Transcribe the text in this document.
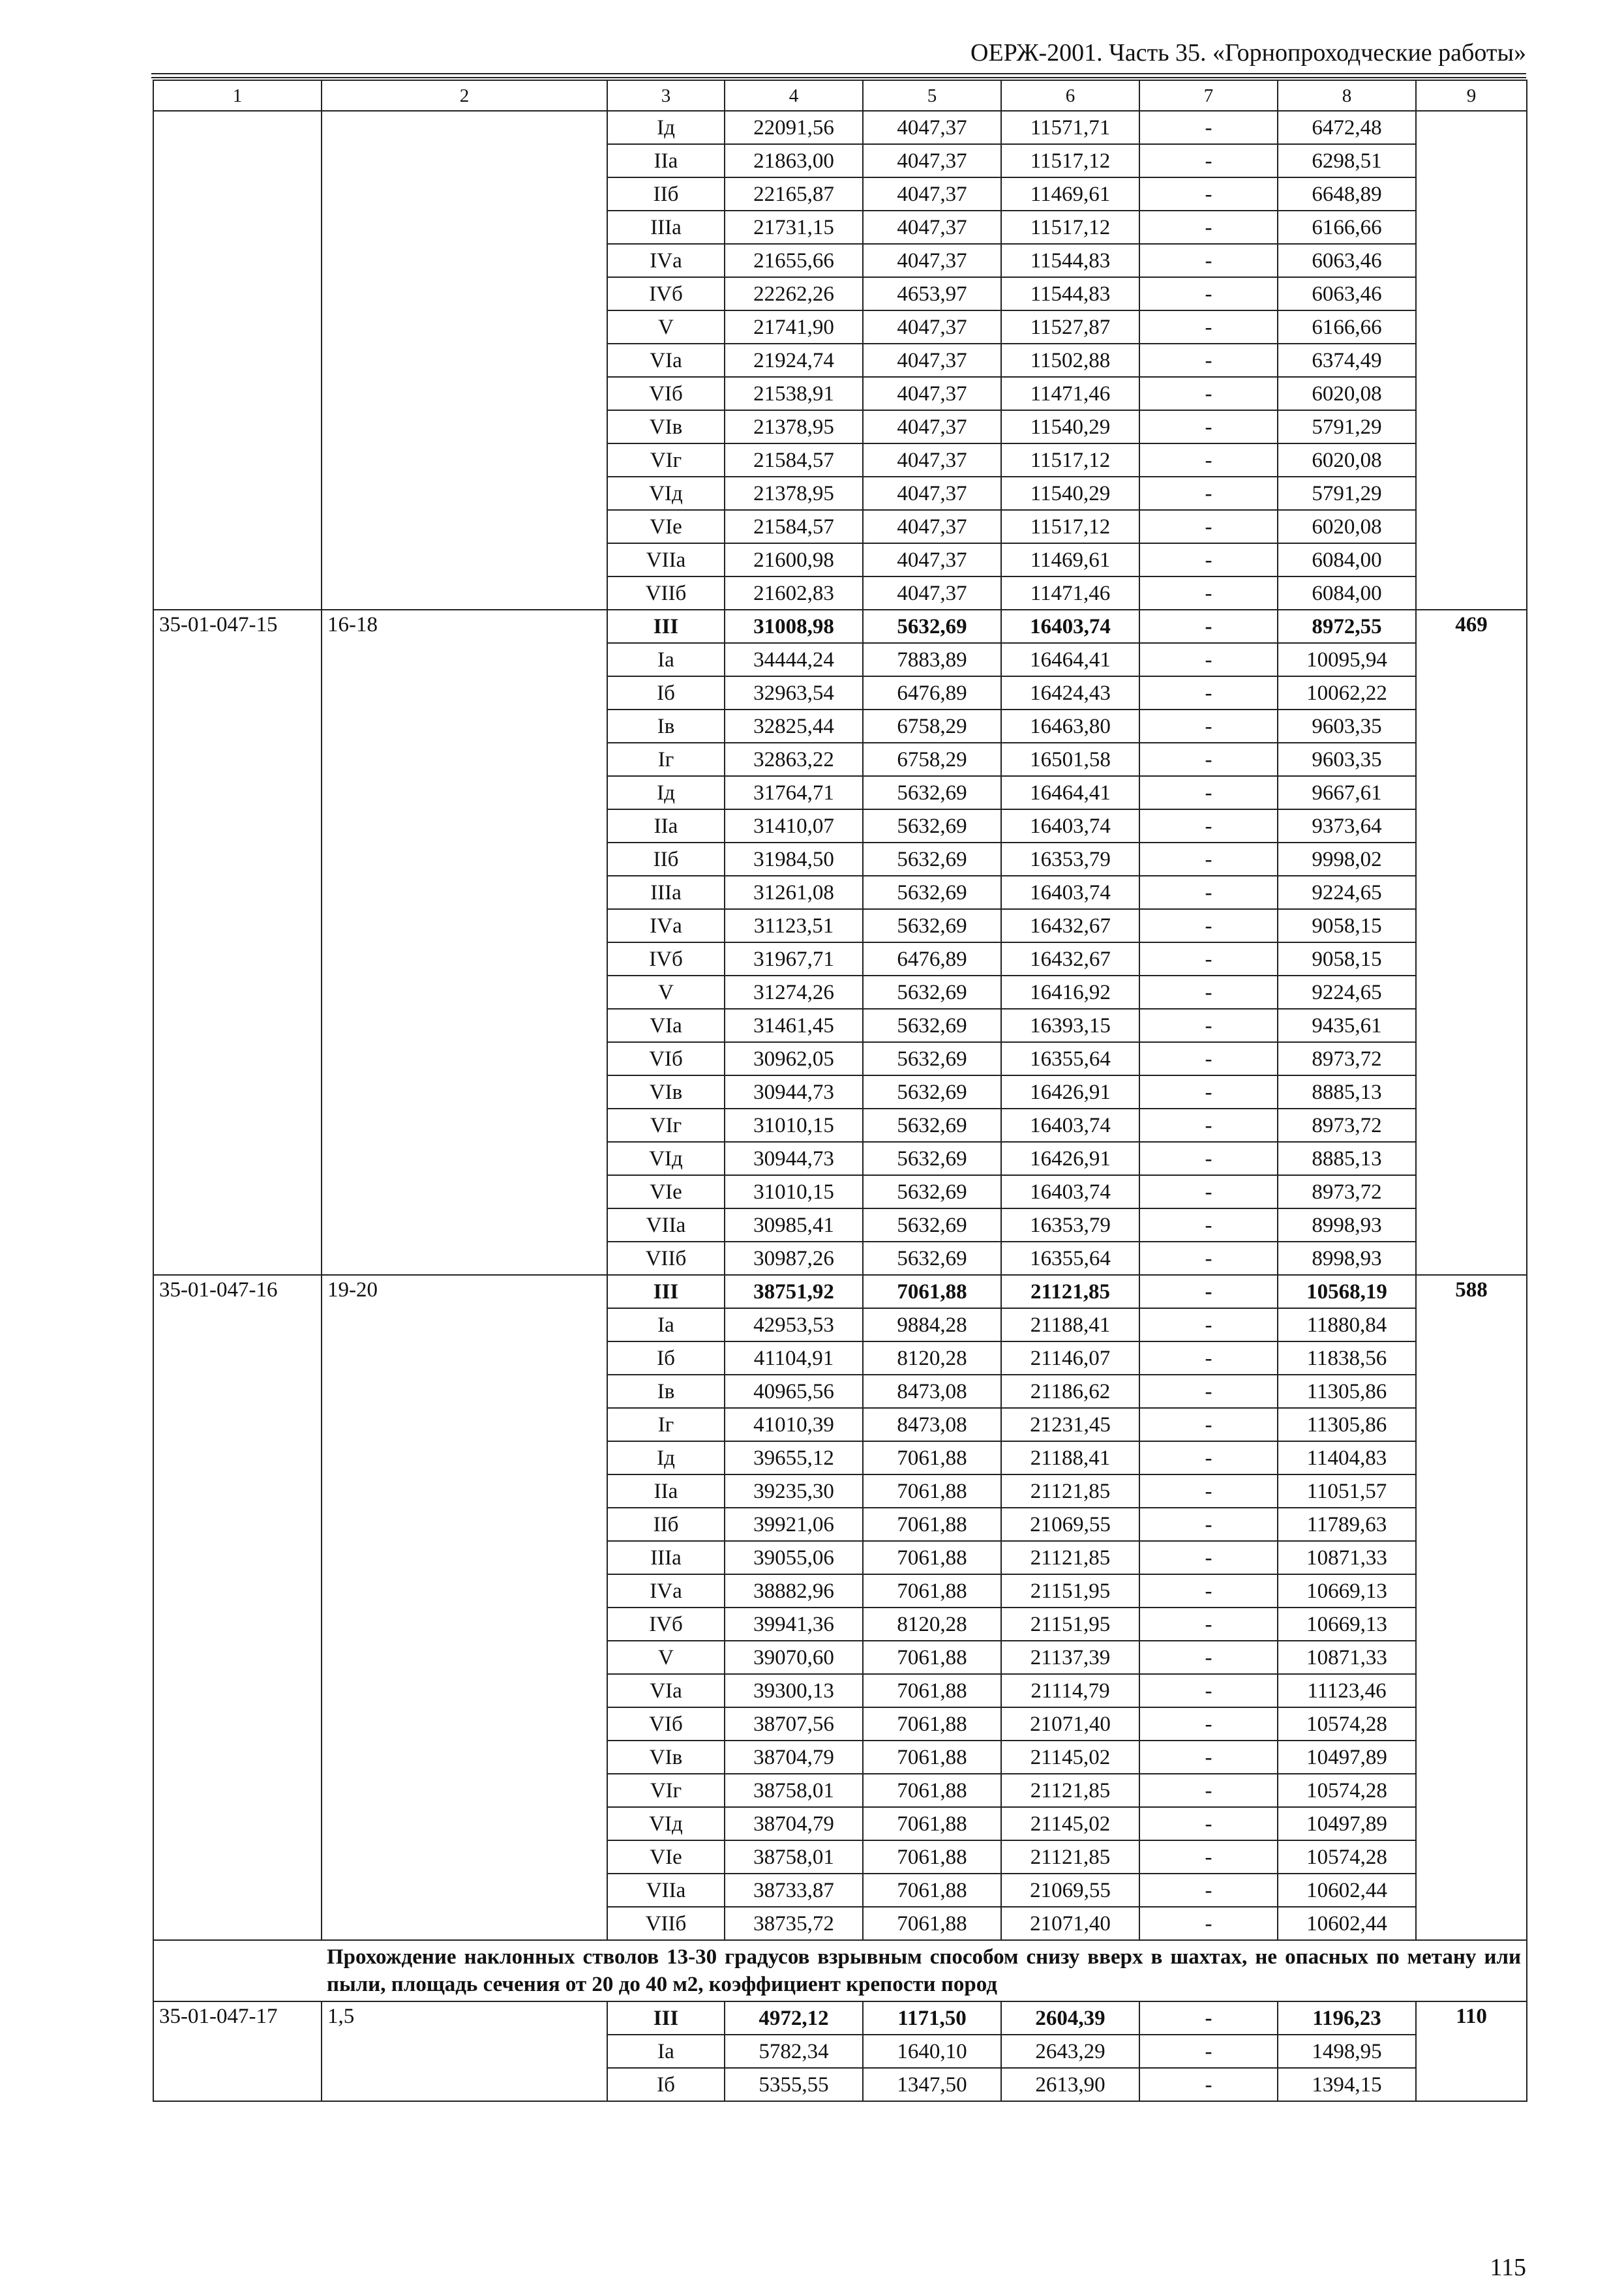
ОЕРЖ-2001. Часть 35. «Горнопроходческие работы»
1	2	3	4	5	6	7	8	9
		Iд	22091,56	4047,37	11571,71	-	6472,48	
		IIа	21863,00	4047,37	11517,12	-	6298,51	
		IIб	22165,87	4047,37	11469,61	-	6648,89	
		IIIа	21731,15	4047,37	11517,12	-	6166,66	
		IVа	21655,66	4047,37	11544,83	-	6063,46	
		IVб	22262,26	4653,97	11544,83	-	6063,46	
		V	21741,90	4047,37	11527,87	-	6166,66	
		VIа	21924,74	4047,37	11502,88	-	6374,49	
		VIб	21538,91	4047,37	11471,46	-	6020,08	
		VIв	21378,95	4047,37	11540,29	-	5791,29	
		VIг	21584,57	4047,37	11517,12	-	6020,08	
		VIд	21378,95	4047,37	11540,29	-	5791,29	
		VIе	21584,57	4047,37	11517,12	-	6020,08	
		VIIа	21600,98	4047,37	11469,61	-	6084,00	
		VIIб	21602,83	4047,37	11471,46	-	6084,00	
35-01-047-15	16-18	III	31008,98	5632,69	16403,74	-	8972,55	469
		Iа	34444,24	7883,89	16464,41	-	10095,94	
		Iб	32963,54	6476,89	16424,43	-	10062,22	
		Iв	32825,44	6758,29	16463,80	-	9603,35	
		Iг	32863,22	6758,29	16501,58	-	9603,35	
		Iд	31764,71	5632,69	16464,41	-	9667,61	
		IIа	31410,07	5632,69	16403,74	-	9373,64	
		IIб	31984,50	5632,69	16353,79	-	9998,02	
		IIIа	31261,08	5632,69	16403,74	-	9224,65	
		IVа	31123,51	5632,69	16432,67	-	9058,15	
		IVб	31967,71	6476,89	16432,67	-	9058,15	
		V	31274,26	5632,69	16416,92	-	9224,65	
		VIа	31461,45	5632,69	16393,15	-	9435,61	
		VIб	30962,05	5632,69	16355,64	-	8973,72	
		VIв	30944,73	5632,69	16426,91	-	8885,13	
		VIг	31010,15	5632,69	16403,74	-	8973,72	
		VIд	30944,73	5632,69	16426,91	-	8885,13	
		VIе	31010,15	5632,69	16403,74	-	8973,72	
		VIIа	30985,41	5632,69	16353,79	-	8998,93	
		VIIб	30987,26	5632,69	16355,64	-	8998,93	
35-01-047-16	19-20	III	38751,92	7061,88	21121,85	-	10568,19	588
		Iа	42953,53	9884,28	21188,41	-	11880,84	
		Iб	41104,91	8120,28	21146,07	-	11838,56	
		Iв	40965,56	8473,08	21186,62	-	11305,86	
		Iг	41010,39	8473,08	21231,45	-	11305,86	
		Iд	39655,12	7061,88	21188,41	-	11404,83	
		IIа	39235,30	7061,88	21121,85	-	11051,57	
		IIб	39921,06	7061,88	21069,55	-	11789,63	
		IIIа	39055,06	7061,88	21121,85	-	10871,33	
		IVа	38882,96	7061,88	21151,95	-	10669,13	
		IVб	39941,36	8120,28	21151,95	-	10669,13	
		V	39070,60	7061,88	21137,39	-	10871,33	
		VIа	39300,13	7061,88	21114,79	-	11123,46	
		VIб	38707,56	7061,88	21071,40	-	10574,28	
		VIв	38704,79	7061,88	21145,02	-	10497,89	
		VIг	38758,01	7061,88	21121,85	-	10574,28	
		VIд	38704,79	7061,88	21145,02	-	10497,89	
		VIе	38758,01	7061,88	21121,85	-	10574,28	
		VIIа	38733,87	7061,88	21069,55	-	10602,44	
		VIIб	38735,72	7061,88	21071,40	-	10602,44	
	Прохождение наклонных стволов 13-30 градусов взрывным способом снизу вверх в шахтах, не опасных по метану или пыли, площадь сечения от 20 до 40 м2, коэффициент крепости пород							
35-01-047-17	1,5	III	4972,12	1171,50	2604,39	-	1196,23	110
		Iа	5782,34	1640,10	2643,29	-	1498,95	
		Iб	5355,55	1347,50	2613,90	-	1394,15	
115
